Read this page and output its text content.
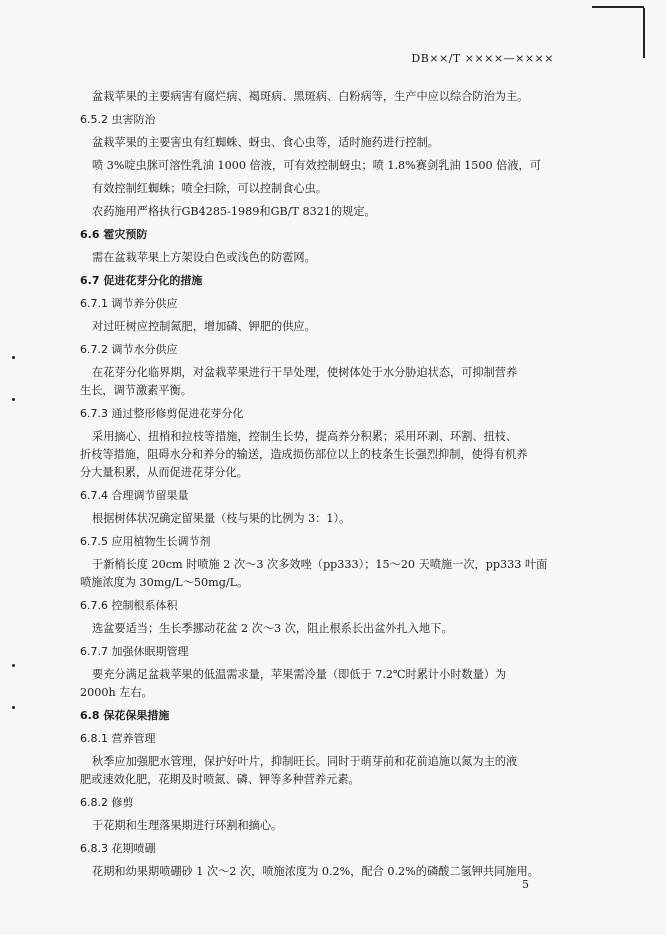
DB××/T ××××—××××
盆栽苹果的主要病害有腐烂病、褐斑病、黑斑病、白粉病等，生产中应以综合防治为主。
6.5.2 虫害防治
盆栽苹果的主要害虫有红蜘蛛、蚜虫、食心虫等，适时施药进行控制。
喷 3%啶虫脒可溶性乳油 1000 倍液，可有效控制蚜虫；喷 1.8%赛剑乳油 1500 倍液，可
有效控制红蜘蛛；喷全扫除，可以控制食心虫。
农药施用严格执行GB4285-1989和GB/T 8321的规定。
6.6 雹灾预防
需在盆栽苹果上方架设白色或浅色的防雹网。
6.7 促进花芽分化的措施
6.7.1 调节养分供应
对过旺树应控制氮肥，增加磷、钾肥的供应。
6.7.2 调节水分供应
在花芽分化临界期，对盆栽苹果进行干旱处理，使树体处于水分胁迫状态，可抑制营养
生长，调节激素平衡。
6.7.3 通过整形修剪促进花芽分化
采用摘心、扭梢和拉枝等措施，控制生长势，提高养分积累；采用环剥、环割、扭枝、
折枝等措施，阻碍水分和养分的输送，造成损伤部位以上的枝条生长强烈抑制，使得有机养
分大量积累，从而促进花芽分化。
6.7.4 合理调节留果量
根据树体状况确定留果量（枝与果的比例为 3：1）。
6.7.5 应用植物生长调节剂
于新梢长度 20cm 时喷施 2 次～3 次多效唑（pp333）；15～20 天喷施一次，pp333 叶面
喷施浓度为 30mg/L～50mg/L。
6.7.6 控制根系体积
选盆要适当；生长季挪动花盆 2 次～3 次，阻止根系长出盆外扎入地下。
6.7.7 加强休眠期管理
要充分满足盆栽苹果的低温需求量，苹果需冷量（即低于 7.2℃时累计小时数量）为
2000h 左右。
6.8 保花保果措施
6.8.1 营养管理
秋季应加强肥水管理，保护好叶片，抑制旺长。同时于萌芽前和花前追施以氮为主的液
肥或速效化肥，花期及时喷氮、磷、钾等多种营养元素。
6.8.2 修剪
于花期和生理落果期进行环割和摘心。
6.8.3 花期喷硼
花期和幼果期喷硼砂 1 次～2 次，喷施浓度为 0.2%，配合 0.2%的磷酸二氢钾共同施用。
5
